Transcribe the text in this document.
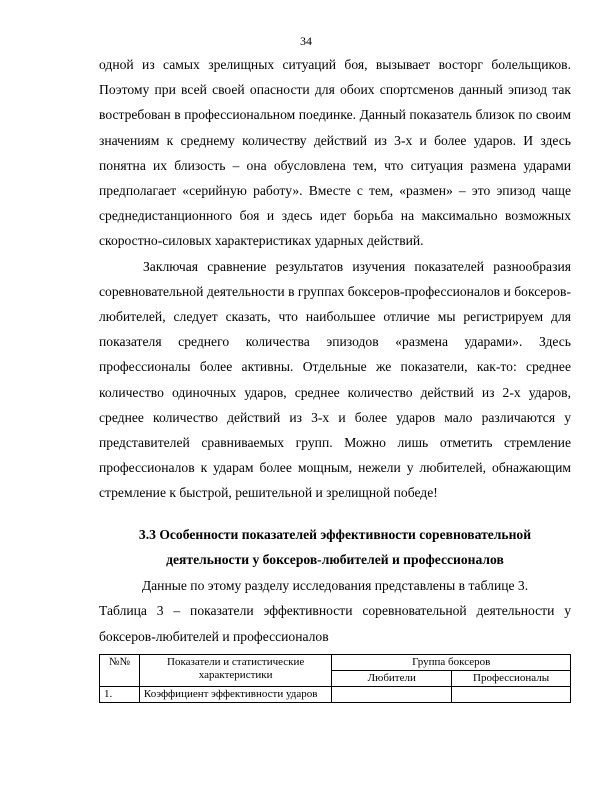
34

одной из самых зрелищных ситуаций боя, вызывает восторг болельщиков. Поэтому при всей своей опасности для обоих спортсменов данный эпизод так востребован в профессиональном поединке. Данный показатель близок по своим значениям к среднему количеству действий из 3-х и более ударов. И здесь понятна их близость – она обусловлена тем, что ситуация размена ударами предполагает «серийную работу». Вместе с тем, «размен» – это эпизод чаще среднедистанционного боя и здесь идет борьба на максимально возможных скоростно-силовых характеристиках ударных действий.

Заключая сравнение результатов изучения показателей разнообразия соревновательной деятельности в группах боксеров-профессионалов и боксеров-любителей, следует сказать, что наибольшее отличие мы регистрируем для показателя среднего количества эпизодов «размена ударами». Здесь профессионалы более активны. Отдельные же показатели, как-то: среднее количество одиночных ударов, среднее количество действий из 2-х ударов, среднее количество действий из 3-х и более ударов мало различаются у представителей сравниваемых групп. Можно лишь отметить стремление профессионалов к ударам более мощным, нежели у любителей, обнажающим стремление к быстрой, решительной и зрелищной победе!

3.3 Особенности показателей эффективности соревновательной
деятельности у боксеров-любителей и профессионалов

Данные по этому разделу исследования представлены в таблице 3.

Таблица 3 – показатели эффективности соревновательной деятельности у боксеров-любителей и профессионалов

№№	Показатели и статистические характеристики	Группа боксеров	
		Любители	Профессионалы
1.	Коэффициент эффективности ударов		
